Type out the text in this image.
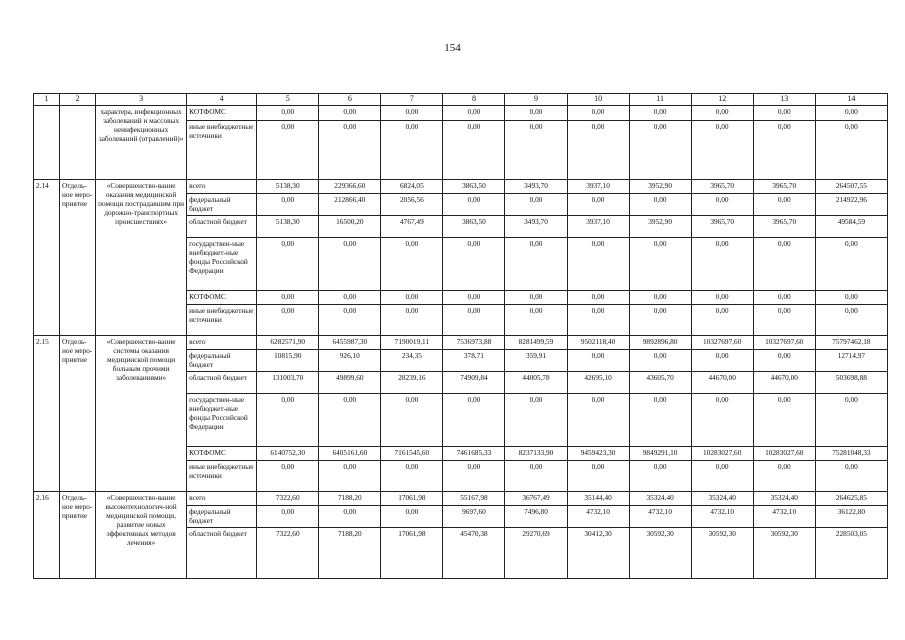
154
1	2	3	4	5	6	7	8	9	10	11	12	13	14
		характера, инфекционных заболеваний и массовых неинфекционных заболеваний (отравлений)»	КОТФОМС	0,00	0,00	0,00	0,00	0,00	0,00	0,00	0,00	0,00	0,00
			иные внебюджетные источники	0,00	0,00	0,00	0,00	0,00	0,00	0,00	0,00	0,00	0,00
2.14	Отдель-ное меро-приятие	«Совершенство-вание оказания медицинской помощи пострадавшим при дорожно-транспортных происшествиях»	всего	5138,30	229366,60	6824,05	3863,50	3493,70	3937,10	3952,90	3965,70	3965,70	264507,55
			федеральный бюджет	0,00	212866,40	2056,56	0,00	0,00	0,00	0,00	0,00	0,00	214922,96
			областной бюджет	5138,30	16500,20	4767,49	3863,50	3493,70	3937,10	3952,90	3965,70	3965,70	49584,59
			государствен-ные внебюджет-ные фонды Российской Федерации	0,00	0,00	0,00	0,00	0,00	0,00	0,00	0,00	0,00	0,00
			КОТФОМС	0,00	0,00	0,00	0,00	0,00	0,00	0,00	0,00	0,00	0,00
			иные внебюджетные источники	0,00	0,00	0,00	0,00	0,00	0,00	0,00	0,00	0,00	0,00
2.15	Отдель-ное меро-приятие	«Совершенство-вание системы оказания медицинской помощи больным прочими заболеваниями»	всего	6282571,90	6455987,30	7190019,11	7536973,88	8281499,59	9502118,40	9892896,80	10327697,60	10327697,60	75797462,18
			федеральный бюджет	10815,90	926,10	234,35	378,71	359,91	0,00	0,00	0,00	0,00	12714,97
			областной бюджет	131003,70	49899,60	28239,16	74909,84	44005,78	42695,10	43605,70	44670,00	44670,00	503698,88
			государствен-ные внебюджет-ные фонды Российской Федерации	0,00	0,00	0,00	0,00	0,00	0,00	0,00	0,00	0,00	0,00
			КОТФОМС	6140752,30	6405161,60	7161545,60	7461685,33	8237133,90	9459423,30	9849291,10	10283027,60	10283027,60	75281048,33
			иные внебюджетные источники	0,00	0,00	0,00	0,00	0,00	0,00	0,00	0,00	0,00	0,00
2.16	Отдель-ное меро-приятие	«Совершенство-вание высокотехнологич-ной медицинской помощи, развитие новых эффективных методов лечения»	всего	7322,60	7188,20	17061,98	55167,98	36767,49	35144,40	35324,40	35324,40	35324,40	264625,85
			федеральный бюджет	0,00	0,00	0,00	9697,60	7496,80	4732,10	4732,10	4732,10	4732,10	36122,80
			областной бюджет	7322,60	7188,20	17061,98	45470,38	29270,69	30412,30	30592,30	30592,30	30592,30	228503,05
